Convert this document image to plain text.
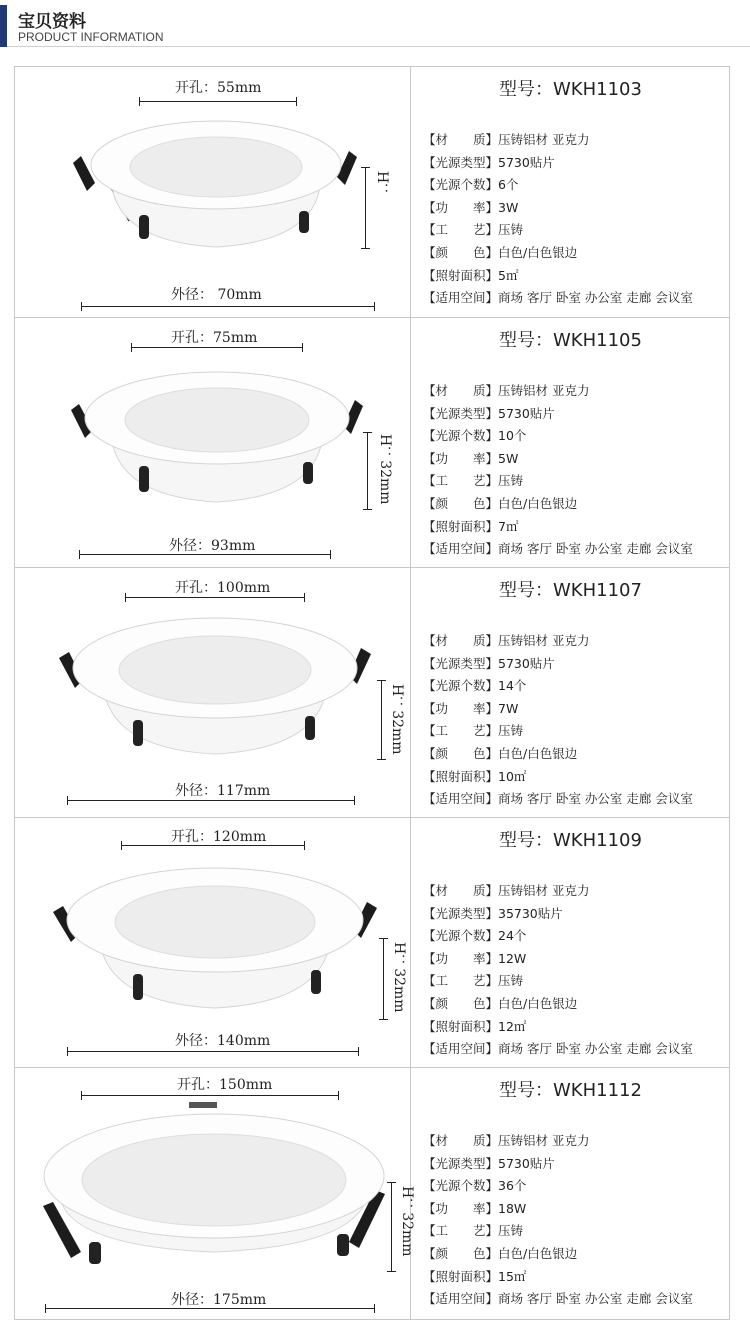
宝贝资料
PRODUCT INFORMATION
开孔：55mm
H：
外径： 70mm
型号：WKH1103
【材　　质】压铸铝材 亚克力
【光源类型】5730贴片
【光源个数】6个
【功　　率】3W
【工　　艺】压铸
【颜　　色】白色/白色银边
【照射面积】5㎡
【适用空间】商场 客厅 卧室 办公室 走廊 会议室
开孔：75mm
H：32mm
外径：93mm
型号：WKH1105
【材　　质】压铸铝材 亚克力
【光源类型】5730贴片
【光源个数】10个
【功　　率】5W
【工　　艺】压铸
【颜　　色】白色/白色银边
【照射面积】7㎡
【适用空间】商场 客厅 卧室 办公室 走廊 会议室
开孔：100mm
H：32mm
外径：117mm
型号：WKH1107
【材　　质】压铸铝材 亚克力
【光源类型】5730贴片
【光源个数】14个
【功　　率】7W
【工　　艺】压铸
【颜　　色】白色/白色银边
【照射面积】10㎡
【适用空间】商场 客厅 卧室 办公室 走廊 会议室
开孔：120mm
H：32mm
外径：140mm
型号：WKH1109
【材　　质】压铸铝材 亚克力
【光源类型】35730贴片
【光源个数】24个
【功　　率】12W
【工　　艺】压铸
【颜　　色】白色/白色银边
【照射面积】12㎡
【适用空间】商场 客厅 卧室 办公室 走廊 会议室
开孔：150mm
H：32mm
外径：175mm
型号：WKH1112
【材　　质】压铸铝材 亚克力
【光源类型】5730贴片
【光源个数】36个
【功　　率】18W
【工　　艺】压铸
【颜　　色】白色/白色银边
【照射面积】15㎡
【适用空间】商场 客厅 卧室 办公室 走廊 会议室
